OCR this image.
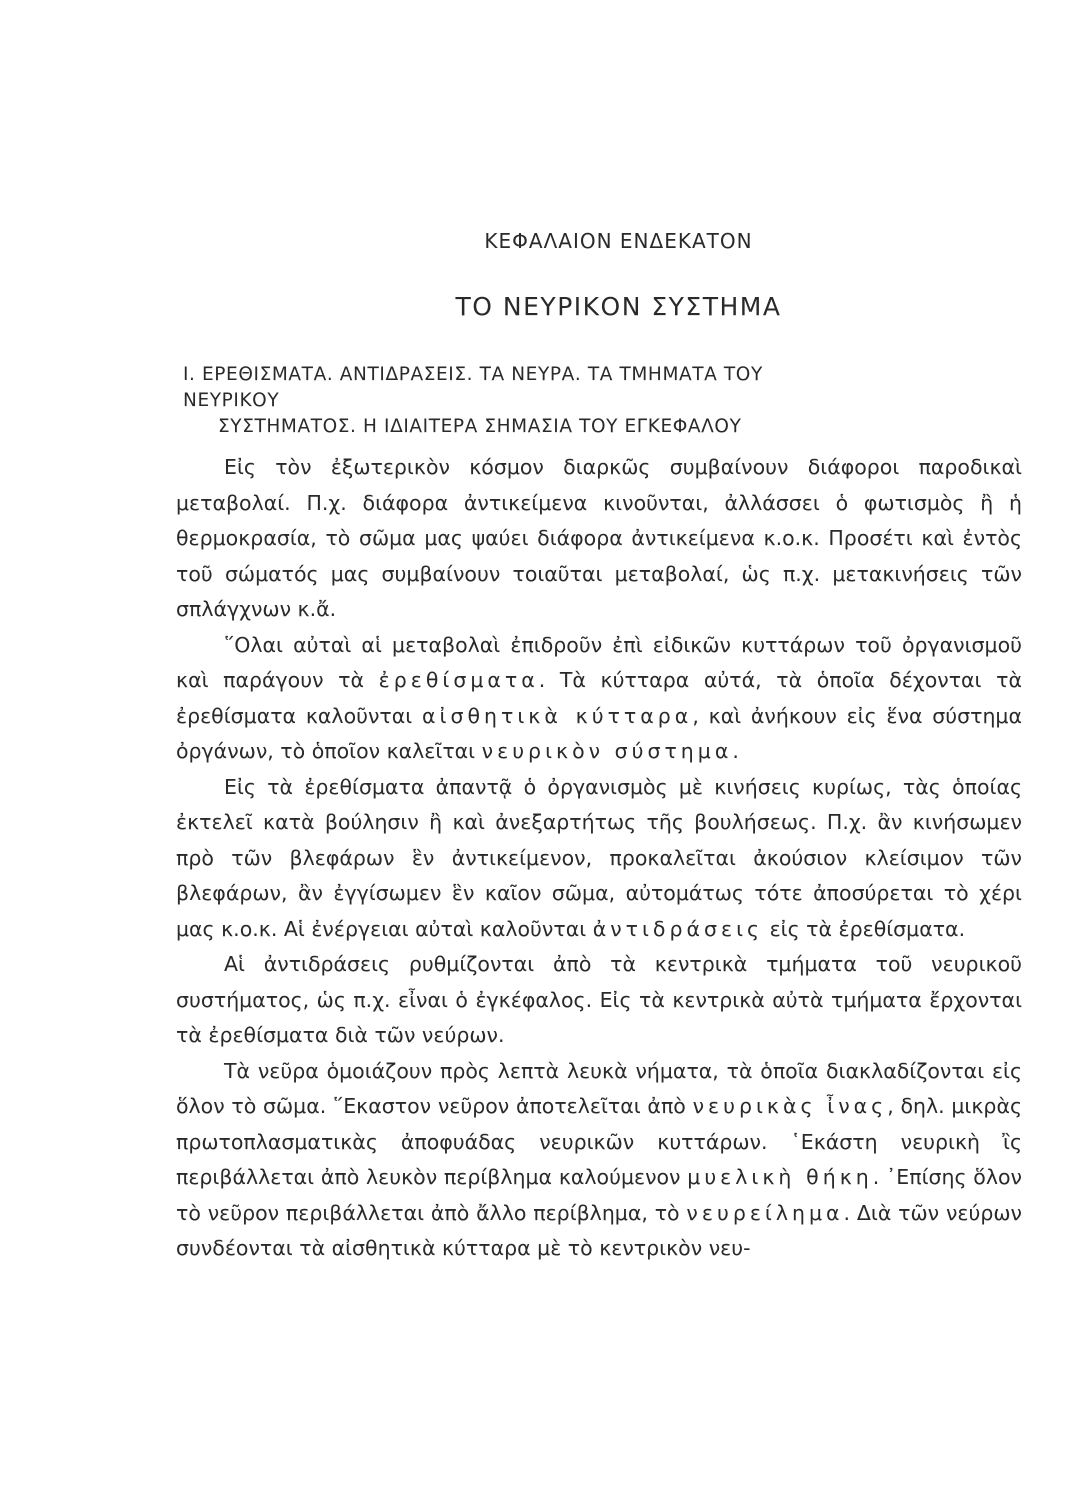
ΚΕΦΑΛΑΙΟΝ ΕΝΔΕΚΑΤΟΝ
ΤΟ ΝΕΥΡΙΚΟΝ ΣΥΣΤΗΜΑ
I. ΕΡΕΘΙΣΜΑΤΑ. ΑΝΤΙΔΡΑΣΕΙΣ. ΤΑ ΝΕΥΡΑ. ΤΑ ΤΜΗΜΑΤΑ ΤΟΥ ΝΕΥΡΙΚΟΥ
ΣΥΣΤΗΜΑΤΟΣ. Η ΙΔΙΑΙΤΕΡΑ ΣΗΜΑΣΙΑ ΤΟΥ ΕΓΚΕΦΑΛΟΥ

Εἰς τὸν ἐξωτερικὸν κόσμον διαρκῶς συμβαίνουν διάφοροι παροδικαὶ μεταβολαί. Π.χ. διάφορα ἀντικείμενα κινοῦνται, ἀλλάσσει ὁ φωτισμὸς ἢ ἡ θερμοκρασία, τὸ σῶμα μας ψαύει διάφορα ἀντικείμενα κ.ο.κ. Προσέτι καὶ ἐντὸς τοῦ σώματός μας συμβαίνουν τοιαῦται μεταβολαί, ὡς π.χ. μετακινήσεις τῶν σπλάγχνων κ.ἄ.

῞Ολαι αὐταὶ αἱ μεταβολαὶ ἐπιδροῦν ἐπὶ εἰδικῶν κυττάρων τοῦ ὀργανισμοῦ καὶ παράγουν τὰ ἐρεθίσματα. Τὰ κύτταρα αὐτά, τὰ ὁποῖα δέχονται τὰ ἐρεθίσματα καλοῦνται αἰσθητικὰ κύτταρα, καὶ ἀνήκουν εἰς ἕνα σύστημα ὀργάνων, τὸ ὁποῖον καλεῖται νευρικὸν σύστημα.

Εἰς τὰ ἐρεθίσματα ἀπαντᾷ ὁ ὀργανισμὸς μὲ κινήσεις κυρίως, τὰς ὁποίας ἐκτελεῖ κατὰ βούλησιν ἢ καὶ ἀνεξαρτήτως τῆς βουλήσεως. Π.χ. ἂν κινήσωμεν πρὸ τῶν βλεφάρων ἓν ἀντικείμενον, προκαλεῖται ἀκούσιον κλείσιμον τῶν βλεφάρων, ἂν ἐγγίσωμεν ἓν καῖον σῶμα, αὐτομάτως τότε ἀποσύρεται τὸ χέρι μας κ.ο.κ. Αἱ ἐνέργειαι αὐταὶ καλοῦνται ἀντιδράσεις εἰς τὰ ἐρεθίσματα.

Αἱ ἀντιδράσεις ρυθμίζονται ἀπὸ τὰ κεντρικὰ τμήματα τοῦ νευρικοῦ συστήματος, ὡς π.χ. εἶναι ὁ ἐγκέφαλος. Εἰς τὰ κεντρικὰ αὐτὰ τμήματα ἔρχονται τὰ ἐρεθίσματα διὰ τῶν νεύρων.

Τὰ νεῦρα ὁμοιάζουν πρὸς λεπτὰ λευκὰ νήματα, τὰ ὁποῖα διακλαδίζονται εἰς ὅλον τὸ σῶμα. ῞Εκαστον νεῦρον ἀποτελεῖται ἀπὸ νευρικὰς ἶνας, δηλ. μικρὰς πρωτοπλασματικὰς ἀποφυάδας νευρικῶν κυττάρων. ῾Εκάστη νευρικὴ ἲς περιβάλλεται ἀπὸ λευκὸν περίβλημα καλούμενον μυελικὴ θήκη. ᾿Επίσης ὅλον τὸ νεῦρον περιβάλλεται ἀπὸ ἄλλο περίβλημα, τὸ νευρείλημα. Διὰ τῶν νεύρων συνδέονται τὰ αἰσθητικὰ κύτταρα μὲ τὸ κεντρικὸν νευ-
